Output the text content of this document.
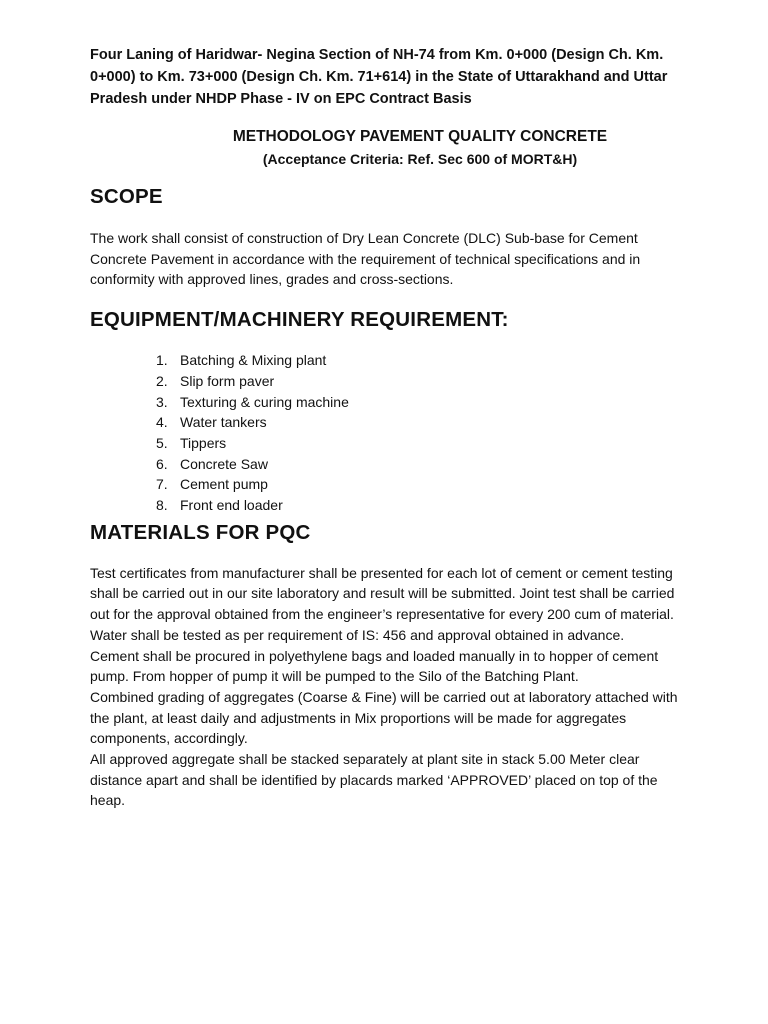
Four Laning of Haridwar- Negina Section of NH-74 from Km. 0+000 (Design Ch. Km. 0+000) to Km. 73+000 (Design Ch. Km. 71+614) in the State of Uttarakhand and Uttar Pradesh under NHDP Phase - IV on EPC Contract Basis

METHODOLOGY PAVEMENT QUALITY CONCRETE
(Acceptance Criteria: Ref. Sec 600 of MORT&H)
SCOPE

The work shall consist of construction of Dry Lean Concrete (DLC) Sub-base for Cement Concrete Pavement in accordance with the requirement of technical specifications and in conformity with approved lines, grades and cross-sections.

EQUIPMENT/MACHINERY REQUIREMENT:
1. Batching & Mixing plant
2. Slip form paver
3. Texturing & curing machine
4. Water tankers
5. Tippers
6. Concrete Saw
7. Cement pump
8. Front end loader
MATERIALS FOR PQC

Test certificates from manufacturer shall be presented for each lot of cement or cement testing shall be carried out in our site laboratory and result will be submitted. Joint test shall be carried out for the approval obtained from the engineer’s representative for every 200 cum of material. Water shall be tested as per requirement of IS: 456 and approval obtained in advance.

Cement shall be procured in polyethylene bags and loaded manually in to hopper of cement pump. From hopper of pump it will be pumped to the Silo of the Batching Plant.

Combined grading of aggregates (Coarse & Fine) will be carried out at laboratory attached with the plant, at least daily and adjustments in Mix proportions will be made for aggregates components, accordingly.

All approved aggregate shall be stacked separately at plant site in stack 5.00 Meter clear distance apart and shall be identified by placards marked ‘APPROVED’ placed on top of the heap.
